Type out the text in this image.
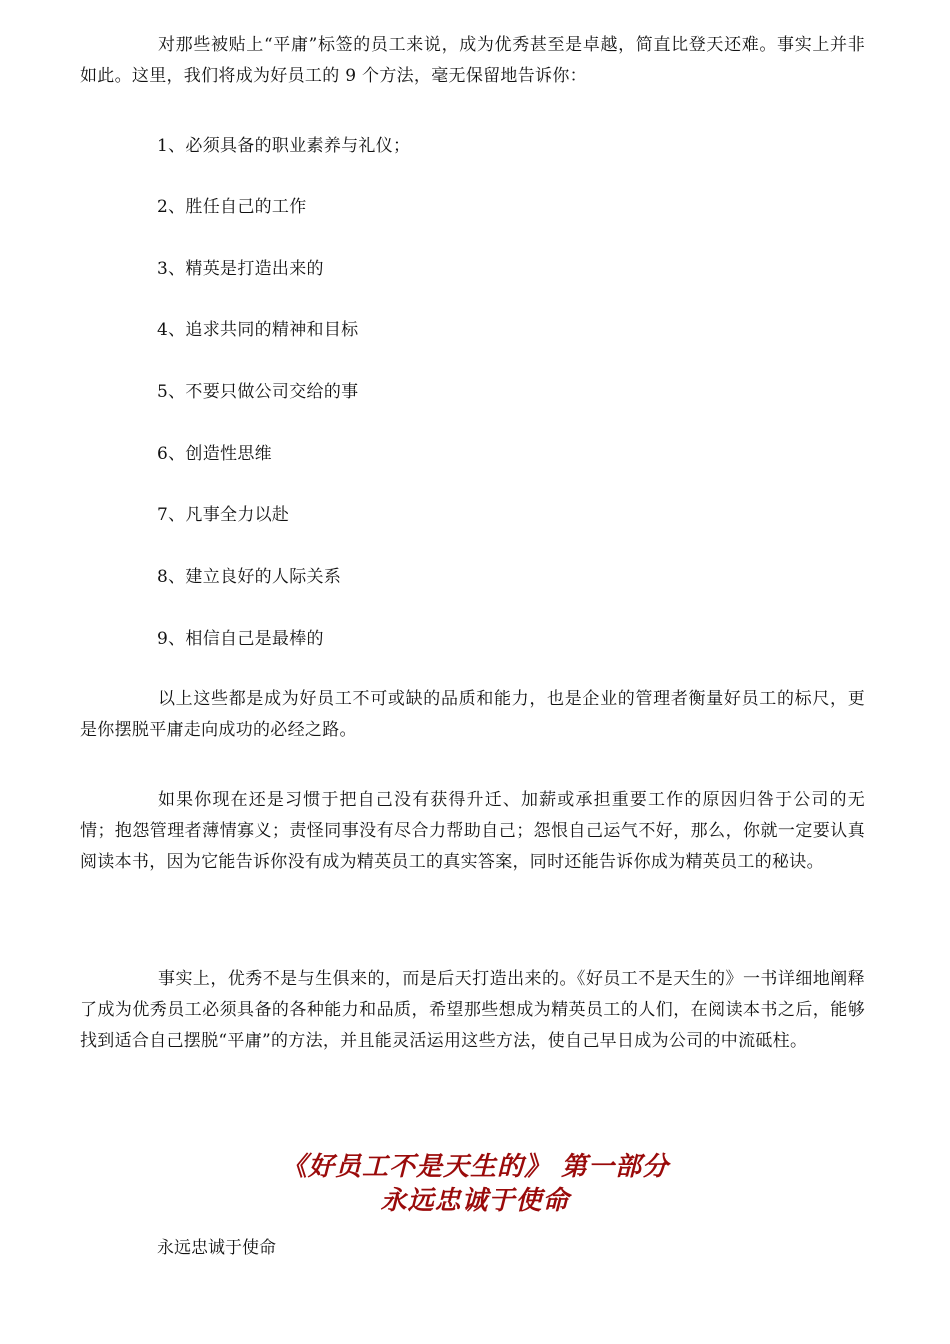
对那些被贴上“平庸”标签的员工来说，成为优秀甚至是卓越，简直比登天还难。事实上并非如此。这里，我们将成为好员工的 9 个方法，毫无保留地告诉你：

1、必须具备的职业素养与礼仪；

2、胜任自己的工作

3、精英是打造出来的

4、追求共同的精神和目标

5、不要只做公司交给的事

6、创造性思维

7、凡事全力以赴

8、建立良好的人际关系

9、相信自己是最棒的

以上这些都是成为好员工不可或缺的品质和能力，也是企业的管理者衡量好员工的标尺，更是你摆脱平庸走向成功的必经之路。

如果你现在还是习惯于把自己没有获得升迁、加薪或承担重要工作的原因归咎于公司的无情；抱怨管理者薄情寡义；责怪同事没有尽合力帮助自己；怨恨自己运气不好，那么，你就一定要认真阅读本书，因为它能告诉你没有成为精英员工的真实答案，同时还能告诉你成为精英员工的秘诀。

事实上，优秀不是与生俱来的，而是后天打造出来的。《好员工不是天生的》一书详细地阐释了成为优秀员工必须具备的各种能力和品质，希望那些想成为精英员工的人们，在阅读本书之后，能够找到适合自己摆脱“平庸”的方法，并且能灵活运用这些方法，使自己早日成为公司的中流砥柱。

《好员工不是天生的》 第一部分

永远忠诚于使命

永远忠诚于使命
